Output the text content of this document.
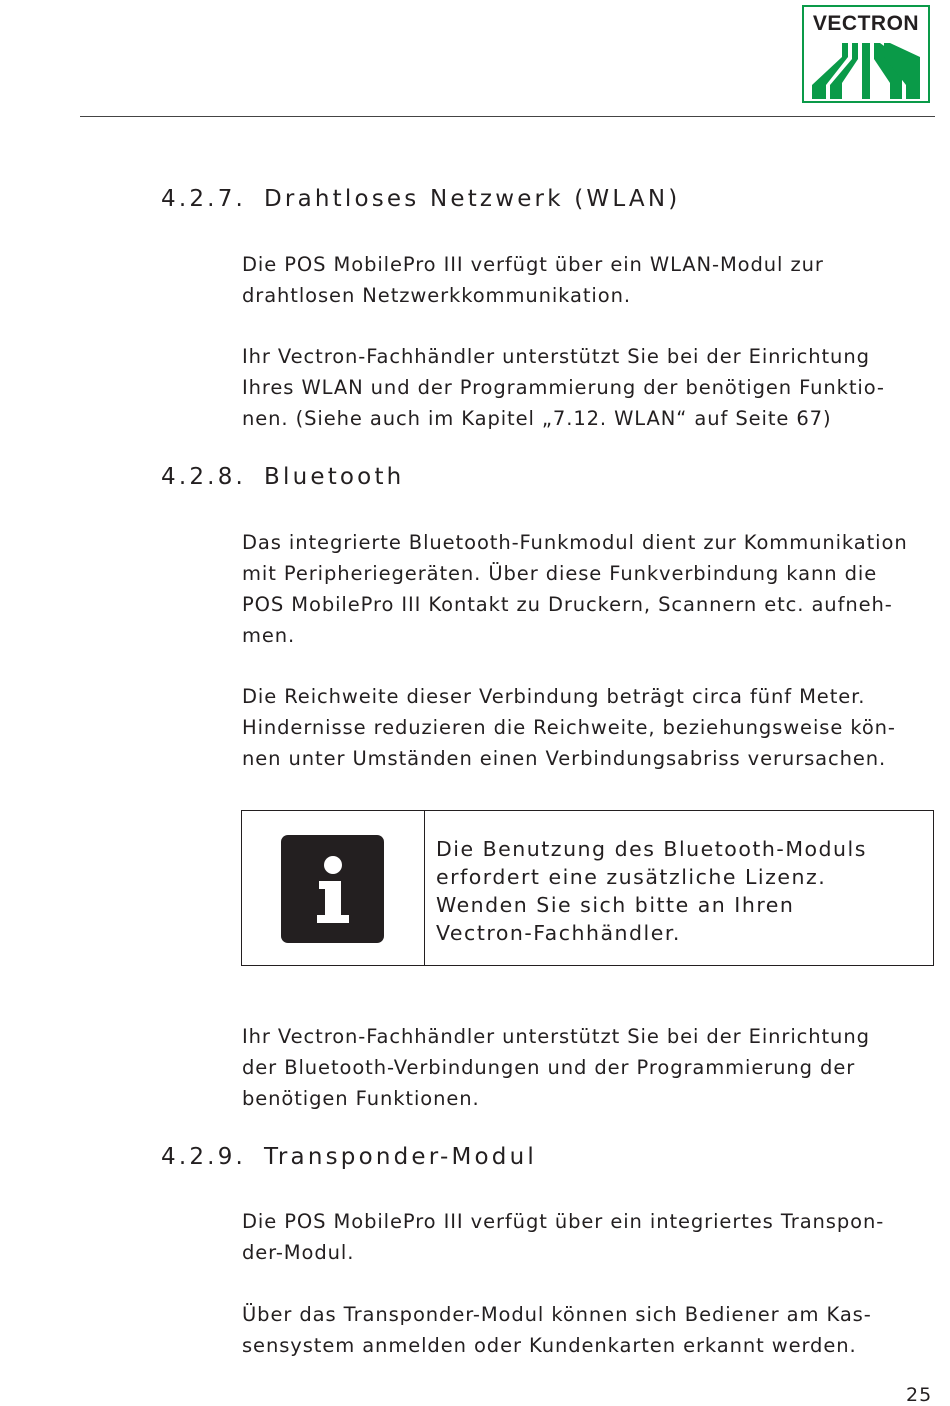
VECTRON
4.2.7. Drahtloses Netzwerk (WLAN)

Die POS MobilePro III verfügt über ein WLAN-Modul zur
drahtlosen Netzwerkkommunikation.

Ihr Vectron-Fachhändler unterstützt Sie bei der Einrichtung
Ihres WLAN und der Programmierung der benötigen Funktio-
nen. (Siehe auch im Kapitel „7.12. WLAN“ auf Seite 67)

4.2.8. Bluetooth

Das integrierte Bluetooth-Funkmodul dient zur Kommunikation
mit Peripheriegeräten. Über diese Funkverbindung kann die
POS MobilePro III Kontakt zu Druckern, Scannern etc. aufneh-
men.

Die Reichweite dieser Verbindung beträgt circa fünf Meter.
Hindernisse reduzieren die Reichweite, beziehungsweise kön-
nen unter Umständen einen Verbindungsabriss verursachen.

Die Benutzung des Bluetooth-Moduls
erfordert eine zusätzliche Lizenz.
Wenden Sie sich bitte an Ihren
Vectron-Fachhändler.

Ihr Vectron-Fachhändler unterstützt Sie bei der Einrichtung
der Bluetooth-Verbindungen und der Programmierung der
benötigen Funktionen.

4.2.9. Transponder-Modul

Die POS MobilePro III verfügt über ein integriertes Transpon-
der-Modul.

Über das Transponder-Modul können sich Bediener am Kas-
sensystem anmelden oder Kundenkarten erkannt werden.

25
